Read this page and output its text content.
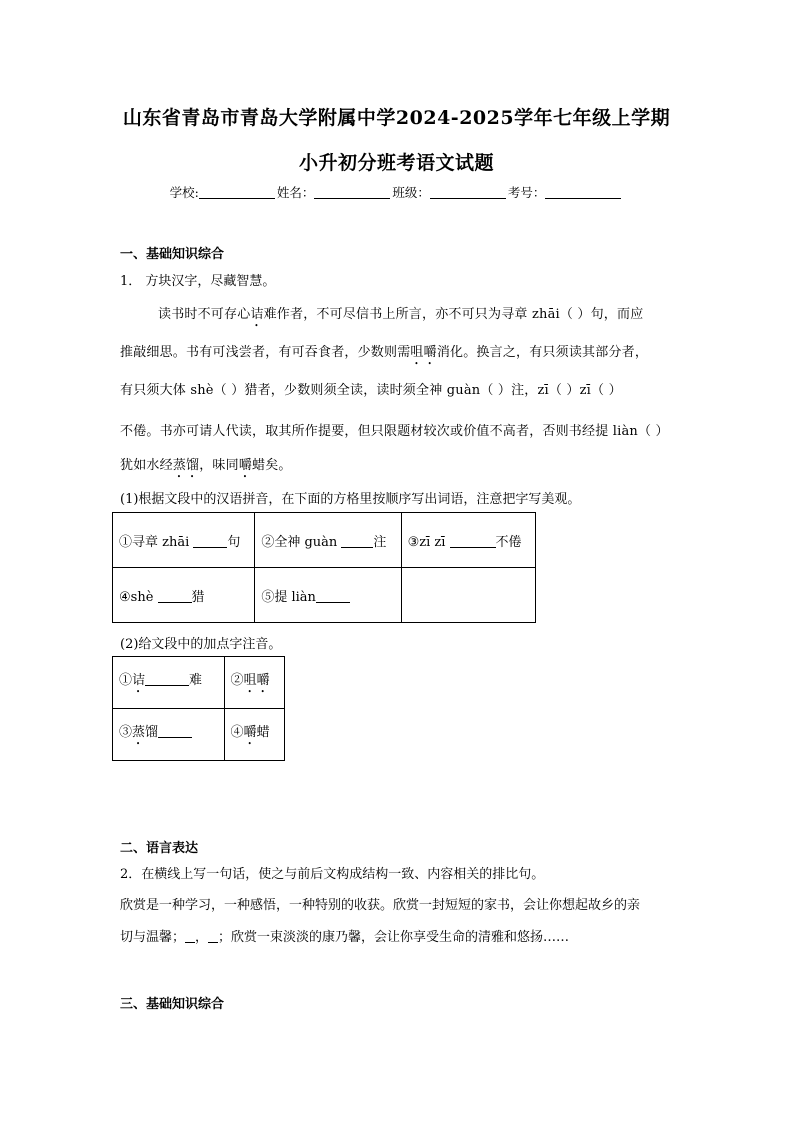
山东省青岛市青岛大学附属中学2024-2025学年七年级上学期
小升初分班考语文试题
学校:	姓名：	班级：	考号：
一、基础知识综合
1． 方块汉字，尽藏智慧。
读书时不可存心诘难作者，不可尽信书上所言，亦不可只为寻章 zhāi（ ）句，而应
推敲细思。书有可浅尝者，有可吞食者，少数则需咀嚼消化。换言之，有只须读其部分者，
有只须大体 shè（ ）猎者，少数则须全读，读时须全神 guàn（ ）注，zī（ ）zī（ ）
不倦。书亦可请人代读，取其所作提要，但只限题材较次或价值不高者，否则书经提 liàn（ ）
犹如水经蒸馏，味同嚼蜡矣。
(1)根据文段中的汉语拼音，在下面的方格里按顺序写出词语，注意把字写美观。
①寻章 zhāi 句	②全神 guàn 注	③zī zī 不倦
④shè 猎	⑤提 liàn	
(2)给文段中的加点字注音。
①诘 难	②咀嚼
③蒸馏	④嚼蜡
二、语言表达
2．在横线上写一句话，使之与前后文构成结构一致、内容相关的排比句。
欣赏是一种学习，一种感悟，一种特别的收获。欣赏一封短短的家书，会让你想起故乡的亲
切与温馨； ， ；欣赏一束淡淡的康乃馨，会让你享受生命的清雅和悠扬……
三、基础知识综合
